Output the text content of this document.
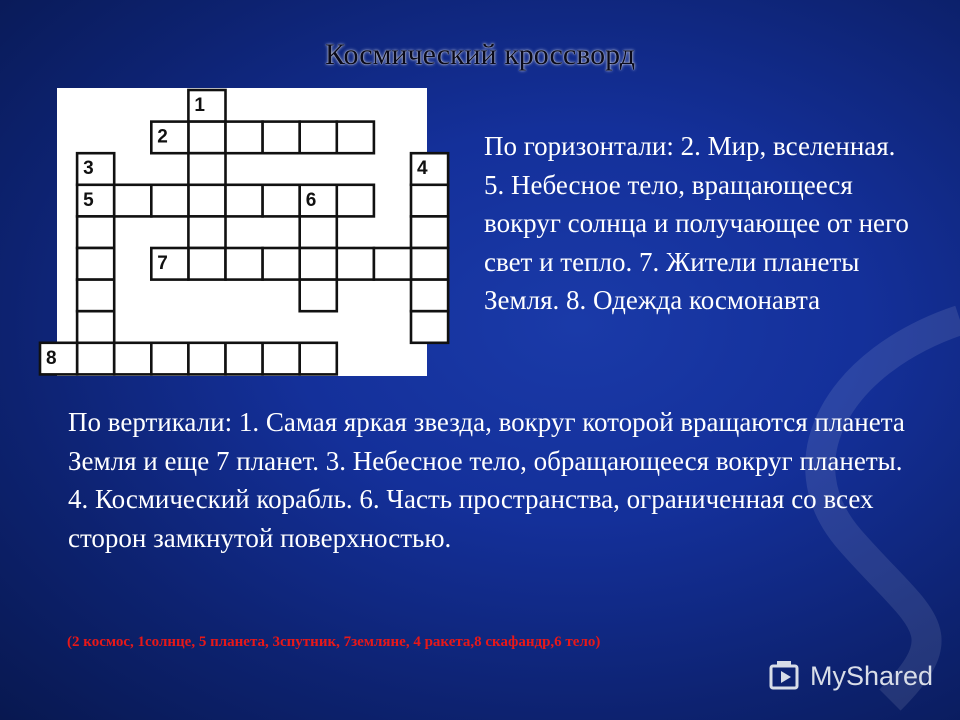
Космический кроссворд
1
2
3	4
5	6
7
8
По горизонтали: 2. Мир, вселенная. 5. Небесное тело, вращающееся вокруг солнца и получающее от него свет и тепло. 7. Жители планеты Земля. 8. Одежда космонавта
По вертикали: 1. Самая яркая звезда, вокруг которой вращаются планета Земля и еще 7 планет. 3. Небесное тело, обращающееся вокруг планеты. 4. Космический корабль. 6. Часть пространства, ограниченная со всех сторон замкнутой поверхностью.
(2 космос, 1солнце, 5 планета, 3спутник, 7земляне, 4 ракета,8 скафандр,6 тело)
MyShared
